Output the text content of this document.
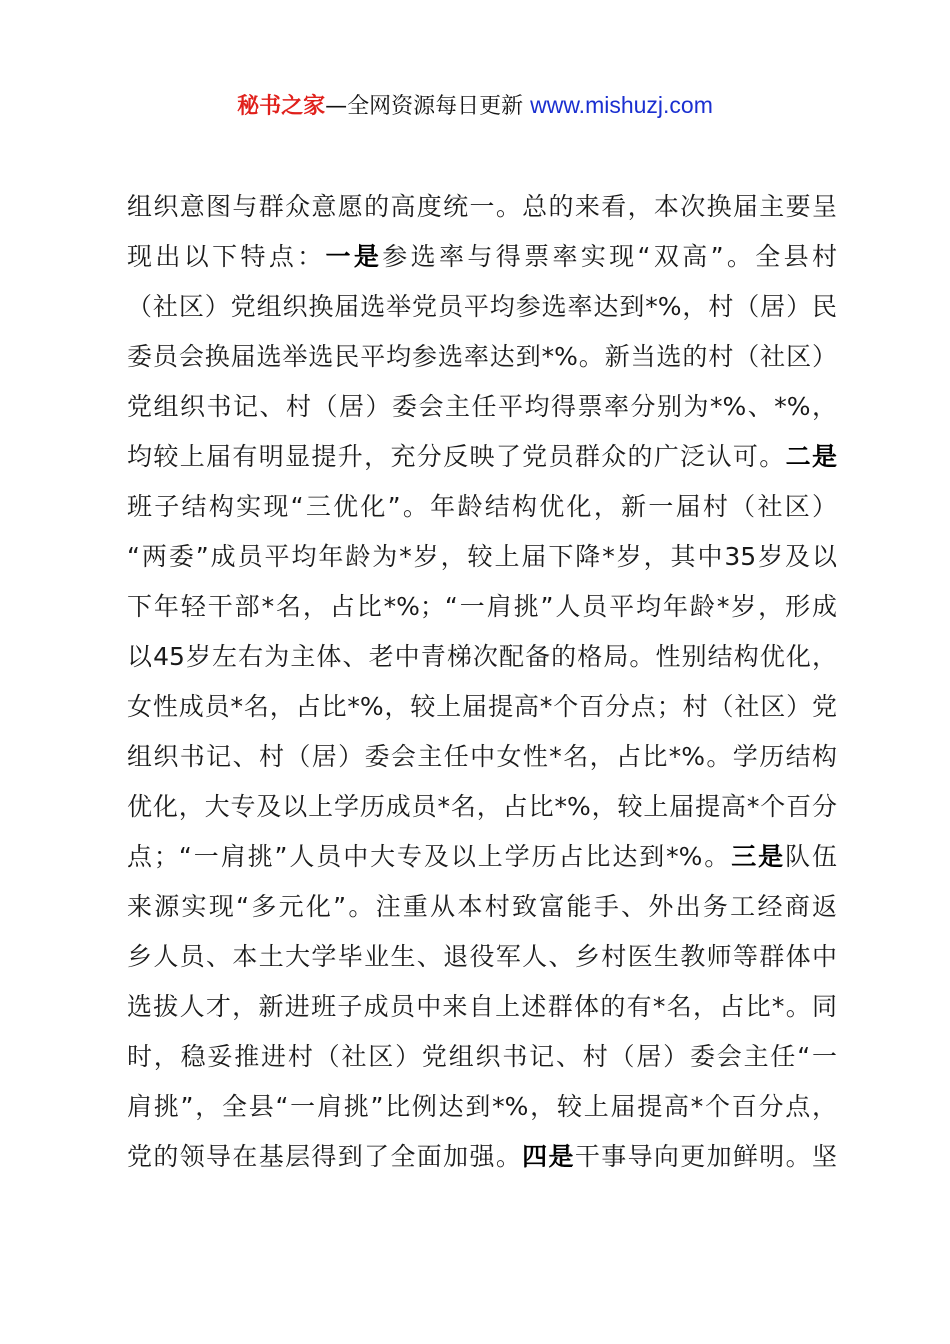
秘书之家—全网资源每日更新 www.mishuzj.com
组织意图与群众意愿的高度统一。总的来看，本次换届主要呈
现出以下特点：一是参选率与得票率实现“双高”。全县村
（社区）党组织换届选举党员平均参选率达到*%，村（居）民
委员会换届选举选民平均参选率达到*%。新当选的村（社区）
党组织书记、村（居）委会主任平均得票率分别为*%、*%，
均较上届有明显提升，充分反映了党员群众的广泛认可。二是
班子结构实现“三优化”。年龄结构优化，新一届村（社区）
“两委”成员平均年龄为*岁，较上届下降*岁，其中35岁及以
下年轻干部*名，占比*%；“一肩挑”人员平均年龄*岁，形成
以45岁左右为主体、老中青梯次配备的格局。性别结构优化，
女性成员*名，占比*%，较上届提高*个百分点；村（社区）党
组织书记、村（居）委会主任中女性*名，占比*%。学历结构
优化，大专及以上学历成员*名，占比*%，较上届提高*个百分
点；“一肩挑”人员中大专及以上学历占比达到*%。三是队伍
来源实现“多元化”。注重从本村致富能手、外出务工经商返
乡人员、本土大学毕业生、退役军人、乡村医生教师等群体中
选拔人才，新进班子成员中来自上述群体的有*名，占比*。同
时，稳妥推进村（社区）党组织书记、村（居）委会主任“一
肩挑”，全县“一肩挑”比例达到*%，较上届提高*个百分点，
党的领导在基层得到了全面加强。四是干事导向更加鲜明。坚
